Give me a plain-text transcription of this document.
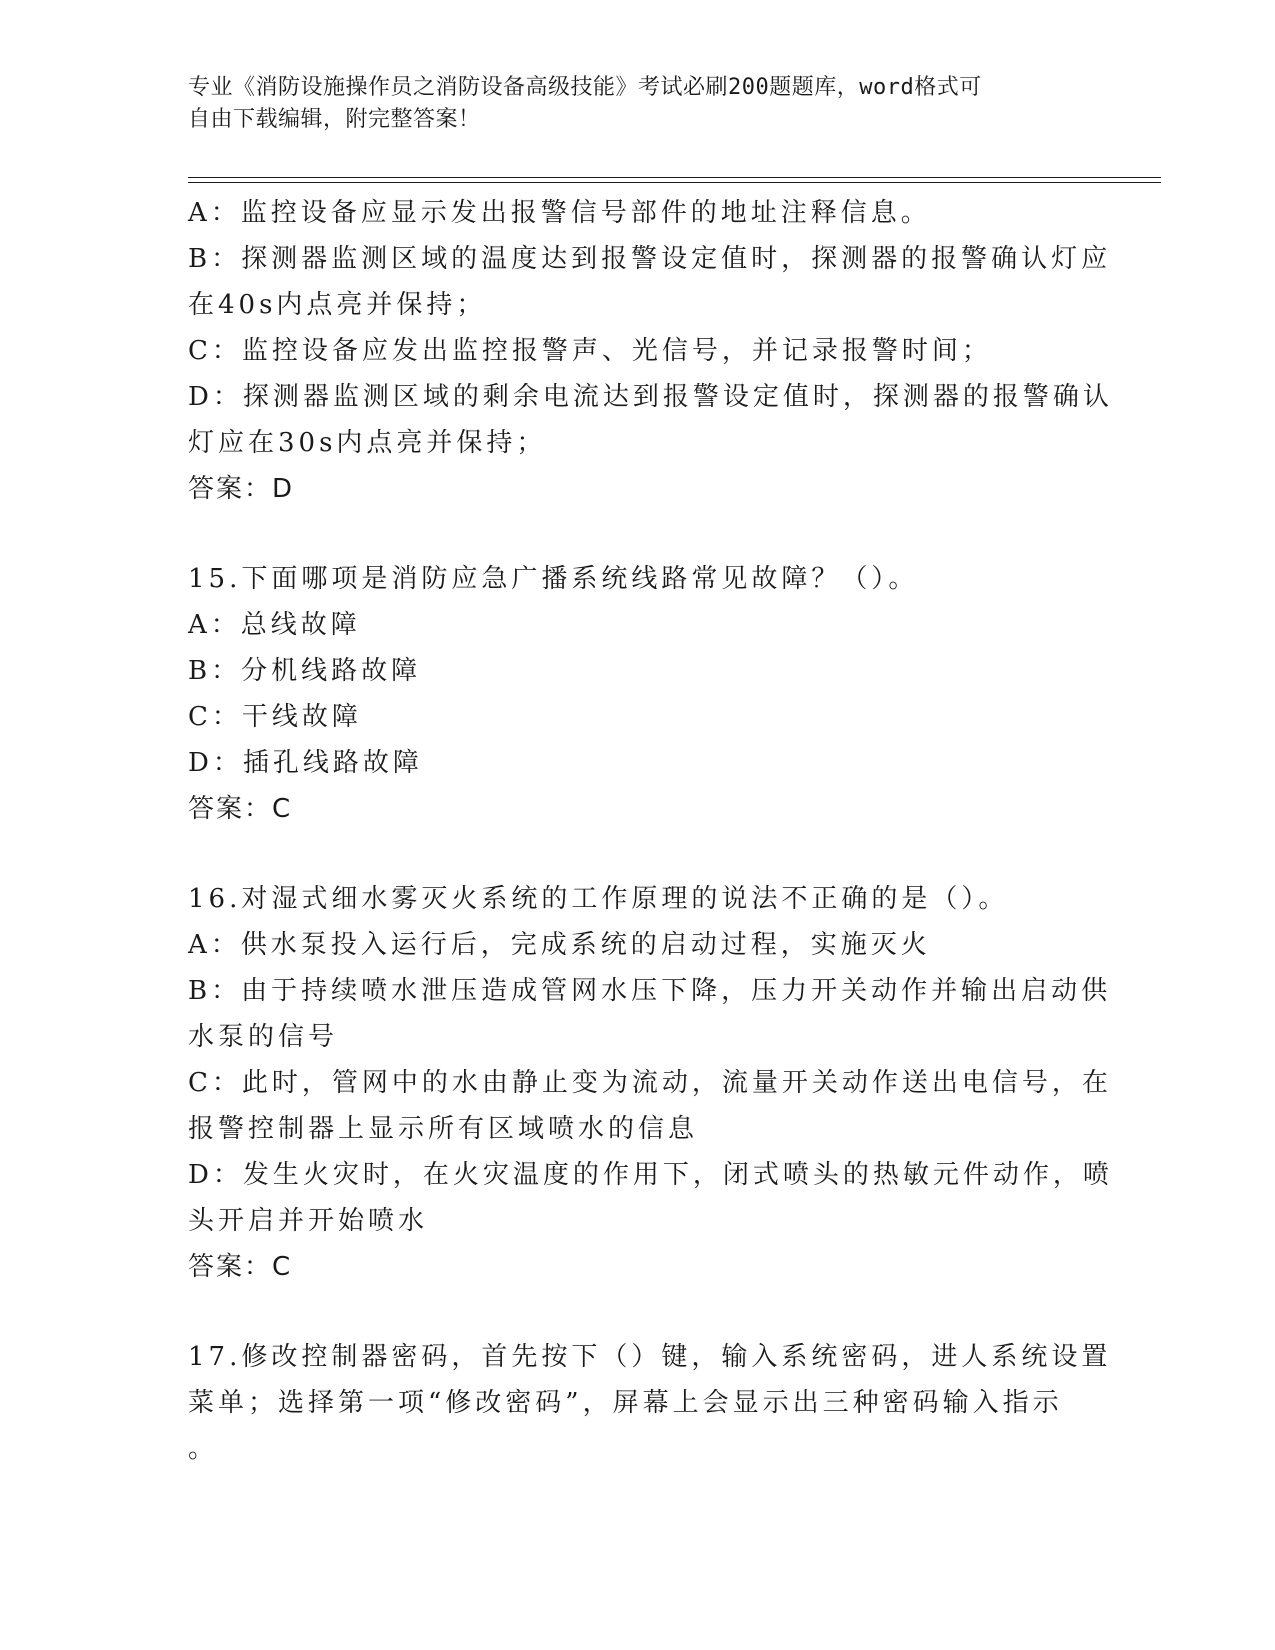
专业《消防设施操作员之消防设备高级技能》考试必刷200题题库，word格式可
自由下载编辑，附完整答案！
A：监控设备应显示发出报警信号部件的地址注释信息。
B：探测器监测区域的温度达到报警设定值时，探测器的报警确认灯应
在40s内点亮并保持；
C：监控设备应发出监控报警声、光信号，并记录报警时间；
D：探测器监测区域的剩余电流达到报警设定值时，探测器的报警确认
灯应在30s内点亮并保持；
答案：D
15.下面哪项是消防应急广播系统线路常见故障？（）。
A：总线故障
B：分机线路故障
C：干线故障
D：插孔线路故障
答案：C
16.对湿式细水雾灭火系统的工作原理的说法不正确的是（）。
A：供水泵投入运行后，完成系统的启动过程，实施灭火
B：由于持续喷水泄压造成管网水压下降，压力开关动作并输出启动供
水泵的信号
C：此时，管网中的水由静止变为流动，流量开关动作送出电信号，在
报警控制器上显示所有区域喷水的信息
D：发生火灾时，在火灾温度的作用下，闭式喷头的热敏元件动作，喷
头开启并开始喷水
答案：C
17.修改控制器密码，首先按下（）键，输入系统密码，进人系统设置
菜单；选择第一项“修改密码”，屏幕上会显示出三种密码输入指示
。
